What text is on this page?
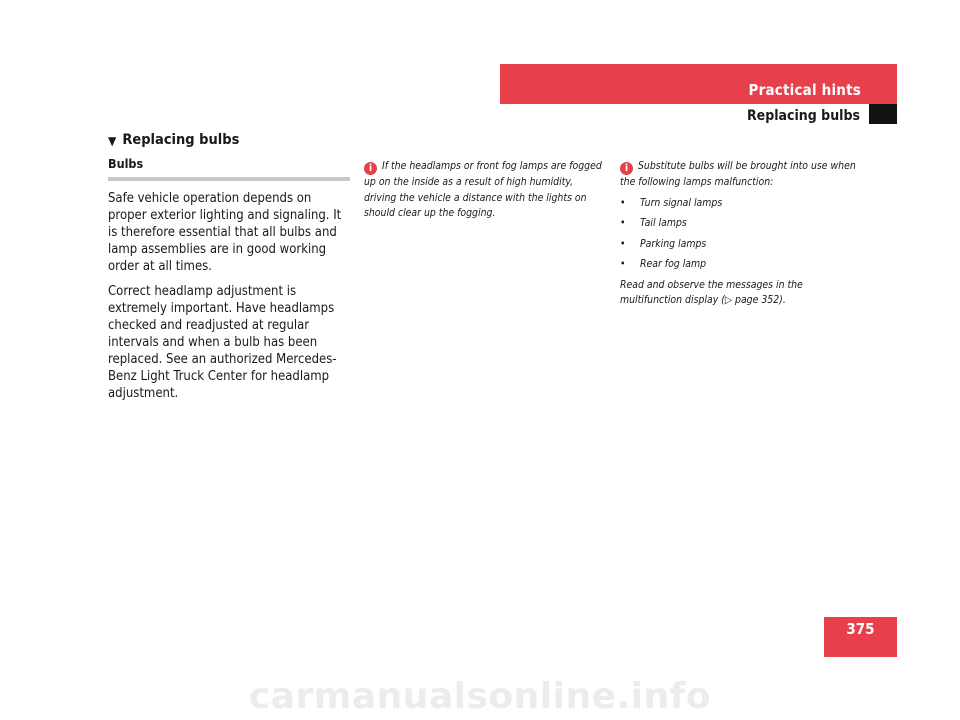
Practical hints
Replacing bulbs
▼ Replacing bulbs
Bulbs

Safe vehicle operation depends on proper exterior lighting and signaling. It is therefore essential that all bulbs and lamp assemblies are in good working order at all times.

Correct headlamp adjustment is extremely important. Have headlamps checked and readjusted at regular intervals and when a bulb has been replaced. See an authorized Mercedes-Benz Light Truck Center for headlamp adjustment.

i If the headlamps or front fog lamps are fogged up on the inside as a result of high humidity, driving the vehicle a distance with the lights on should clear up the fogging.

i Substitute bulbs will be brought into use when the following lamps malfunction:

• Turn signal lamps
• Tail lamps
• Parking lamps
• Rear fog lamp

Read and observe the messages in the multifunction display (▷ page 352).

375
carmanualsonline.info
